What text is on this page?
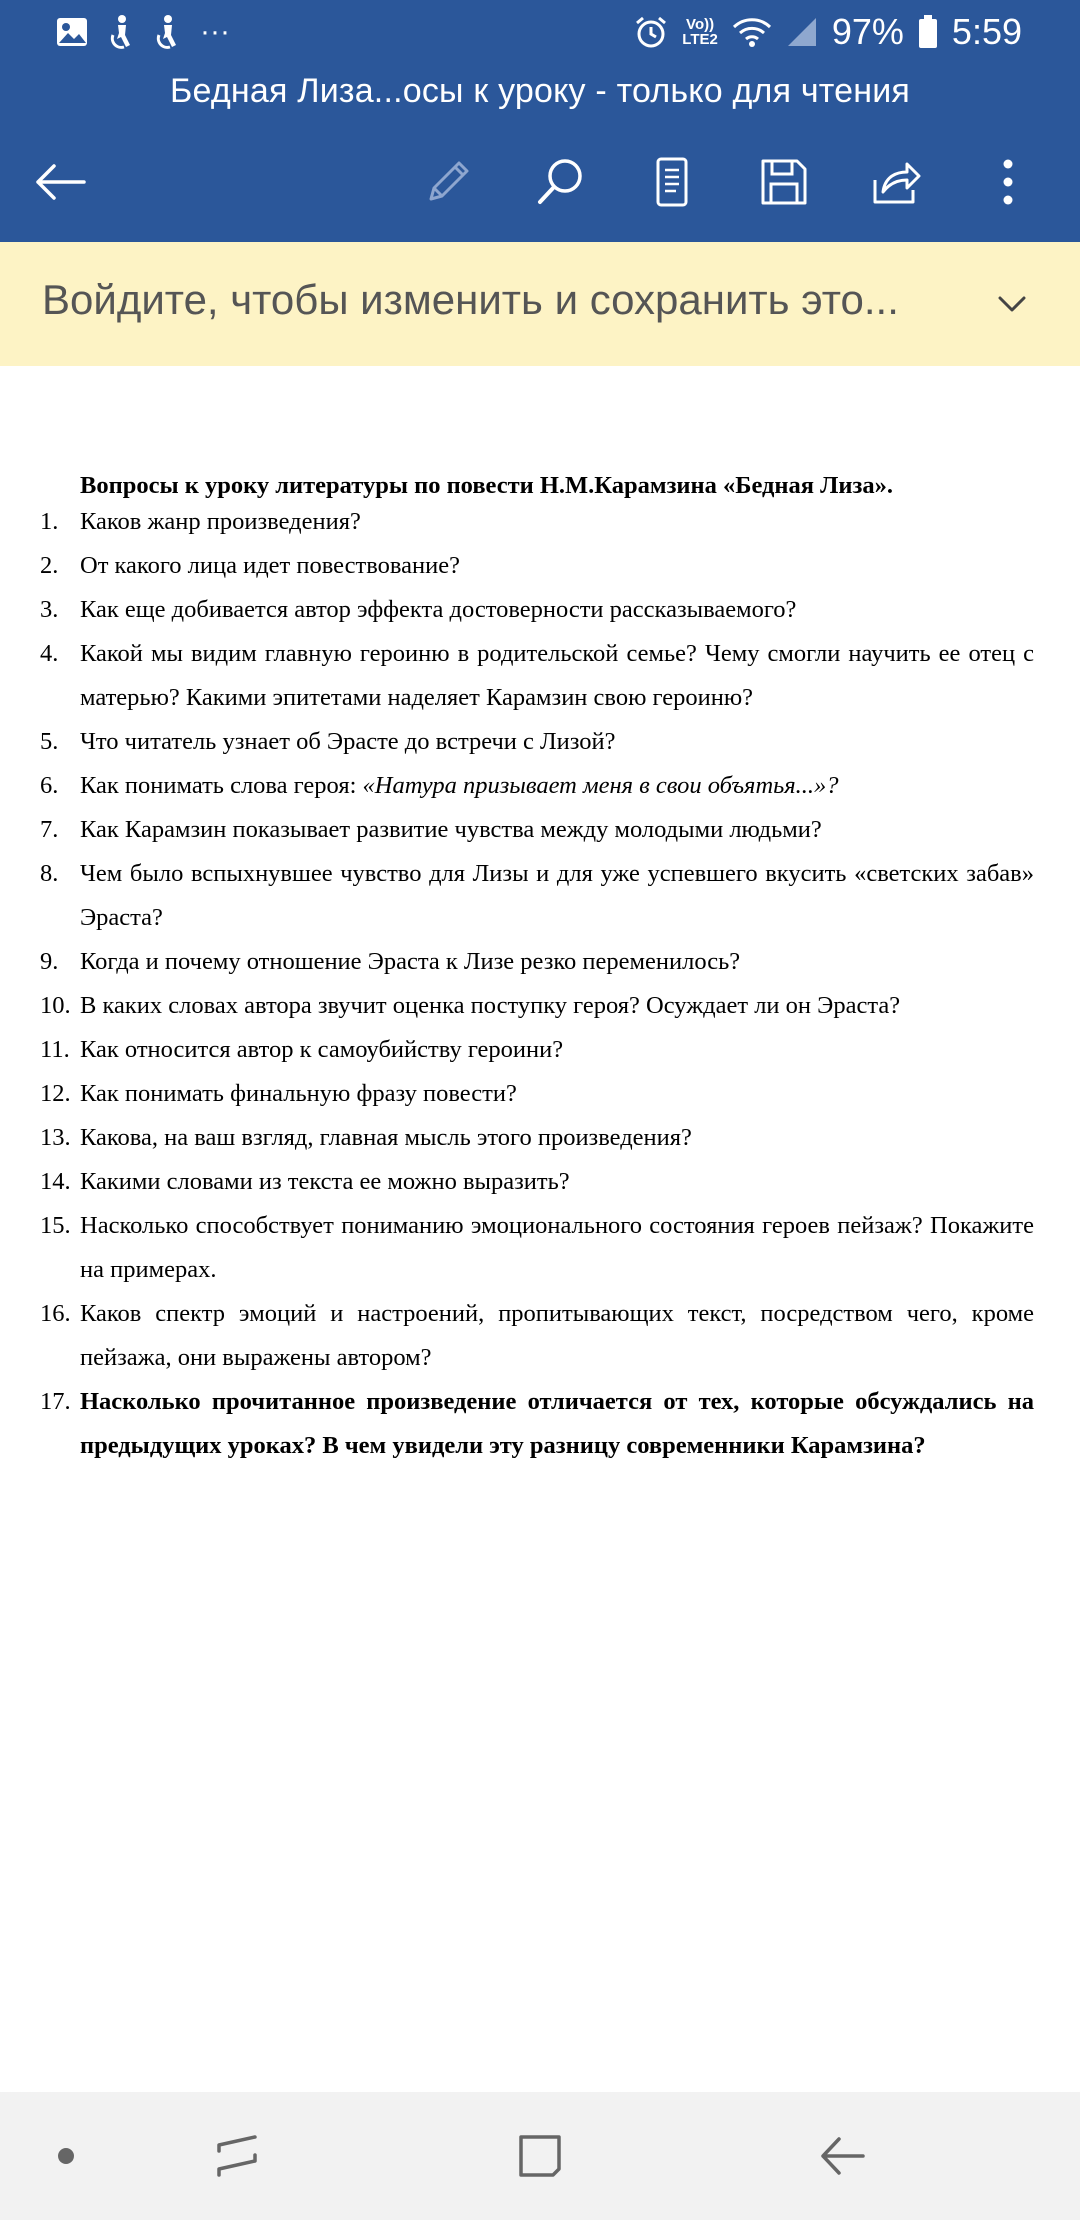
···	Vo))
LTE2	97% 5:59
Бедная Лиза...осы к уроку - только для чтения
Войдите, чтобы изменить и сохранить это...
Вопросы к уроку литературы по повести Н.М.Карамзина «Бедная Лиза».
1. Каков жанр произведения?
2. От какого лица идет повествование?
3. Как еще добивается автор эффекта достоверности рассказываемого?
4. Какой мы видим главную героиню в родительской семье? Чему смогли научить ее отец с матерью? Какими эпитетами наделяет Карамзин свою героиню?
5. Что читатель узнает об Эрасте до встречи с Лизой?
6. Как понимать слова героя: «Натура призывает меня в свои объятья...»?
7. Как Карамзин показывает развитие чувства между молодыми людьми?
8. Чем было вспыхнувшее чувство для Лизы и для уже успевшего вкусить «светских забав» Эраста?
9. Когда и почему отношение Эраста к Лизе резко переменилось?
10. В каких словах автора звучит оценка поступку героя? Осуждает ли он Эраста?
11. Как относится автор к самоубийству героини?
12. Как понимать финальную фразу повести?
13. Какова, на ваш взгляд, главная мысль этого произведения?
14. Какими словами из текста ее можно выразить?
15. Насколько способствует пониманию эмоционального состояния героев пейзаж? Покажите на примерах.
16. Каков спектр эмоций и настроений, пропитывающих текст, посредством чего, кроме пейзажа, они выражены автором?
17. Насколько прочитанное произведение отличается от тех, которые обсуждались на предыдущих уроках? В чем увидели эту разницу современники Карамзина?
